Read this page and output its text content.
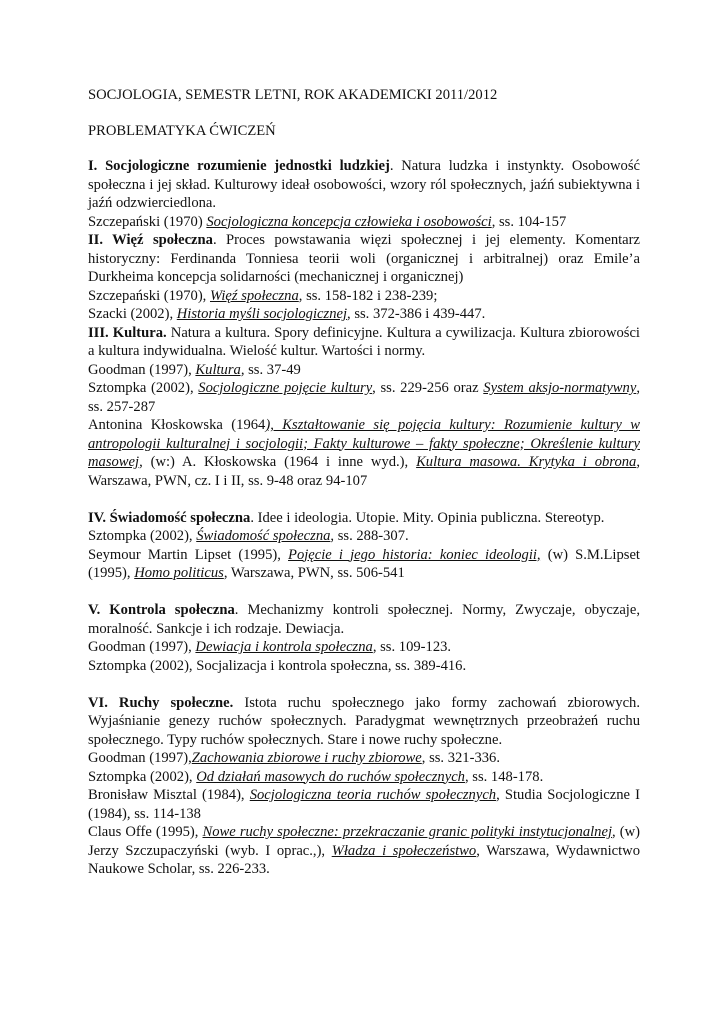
SOCJOLOGIA, SEMESTR LETNI, ROK AKADEMICKI 2011/2012

PROBLEMATYKA ĆWICZEŃ

I. Socjologiczne rozumienie jednostki ludzkiej. Natura ludzka i instynkty. Osobowość społeczna i jej skład. Kulturowy ideał osobowości, wzory ról społecznych, jaźń subiektywna i jaźń odzwierciedlona.

Szczepański (1970) Socjologiczna koncepcja człowieka i osobowości, ss. 104-157

II. Więź społeczna. Proces powstawania więzi społecznej i jej elementy. Komentarz historyczny: Ferdinanda Tonniesa teorii woli (organicznej i arbitralnej) oraz Emile’a Durkheima koncepcja solidarności (mechanicznej i organicznej)

Szczepański (1970), Więź społeczna, ss. 158-182 i 238-239;

Szacki (2002), Historia myśli socjologicznej, ss. 372-386 i 439-447.

III. Kultura. Natura a kultura. Spory definicyjne. Kultura a cywilizacja. Kultura zbiorowości a kultura indywidualna. Wielość kultur. Wartości i normy.

Goodman (1997), Kultura, ss. 37-49

Sztompka (2002), Socjologiczne pojęcie kultury, ss. 229-256 oraz System aksjo-normatywny, ss. 257-287

Antonina Kłoskowska (1964), Kształtowanie się pojęcia kultury: Rozumienie kultury w antropologii kulturalnej i socjologii; Fakty kulturowe – fakty społeczne; Określenie kultury masowej, (w:) A. Kłoskowska (1964 i inne wyd.), Kultura masowa. Krytyka i obrona, Warszawa, PWN, cz. I i II, ss. 9-48 oraz 94-107

IV. Świadomość społeczna. Idee i ideologia. Utopie. Mity. Opinia publiczna. Stereotyp.

Sztompka (2002), Świadomość społeczna, ss. 288-307.

Seymour Martin Lipset (1995), Pojęcie i jego historia: koniec ideologii, (w) S.M.Lipset (1995), Homo politicus, Warszawa, PWN, ss. 506-541

V. Kontrola społeczna. Mechanizmy kontroli społecznej. Normy, Zwyczaje, obyczaje, moralność. Sankcje i ich rodzaje. Dewiacja.

Goodman (1997), Dewiacja i kontrola społeczna, ss. 109-123.

Sztompka (2002), Socjalizacja i kontrola społeczna, ss. 389-416.

VI. Ruchy społeczne. Istota ruchu społecznego jako formy zachowań zbiorowych. Wyjaśnianie genezy ruchów społecznych. Paradygmat wewnętrznych przeobrażeń ruchu społecznego. Typy ruchów społecznych. Stare i nowe ruchy społeczne.

Goodman (1997),Zachowania zbiorowe i ruchy zbiorowe, ss. 321-336.

Sztompka (2002), Od działań masowych do ruchów społecznych, ss. 148-178.

Bronisław Misztal (1984), Socjologiczna teoria ruchów społecznych, Studia Socjologiczne I (1984), ss. 114-138

Claus Offe (1995), Nowe ruchy społeczne: przekraczanie granic polityki instytucjonalnej, (w) Jerzy Szczupaczyński (wyb. I oprac.,), Władza i społeczeństwo, Warszawa, Wydawnictwo Naukowe Scholar, ss. 226-233.
